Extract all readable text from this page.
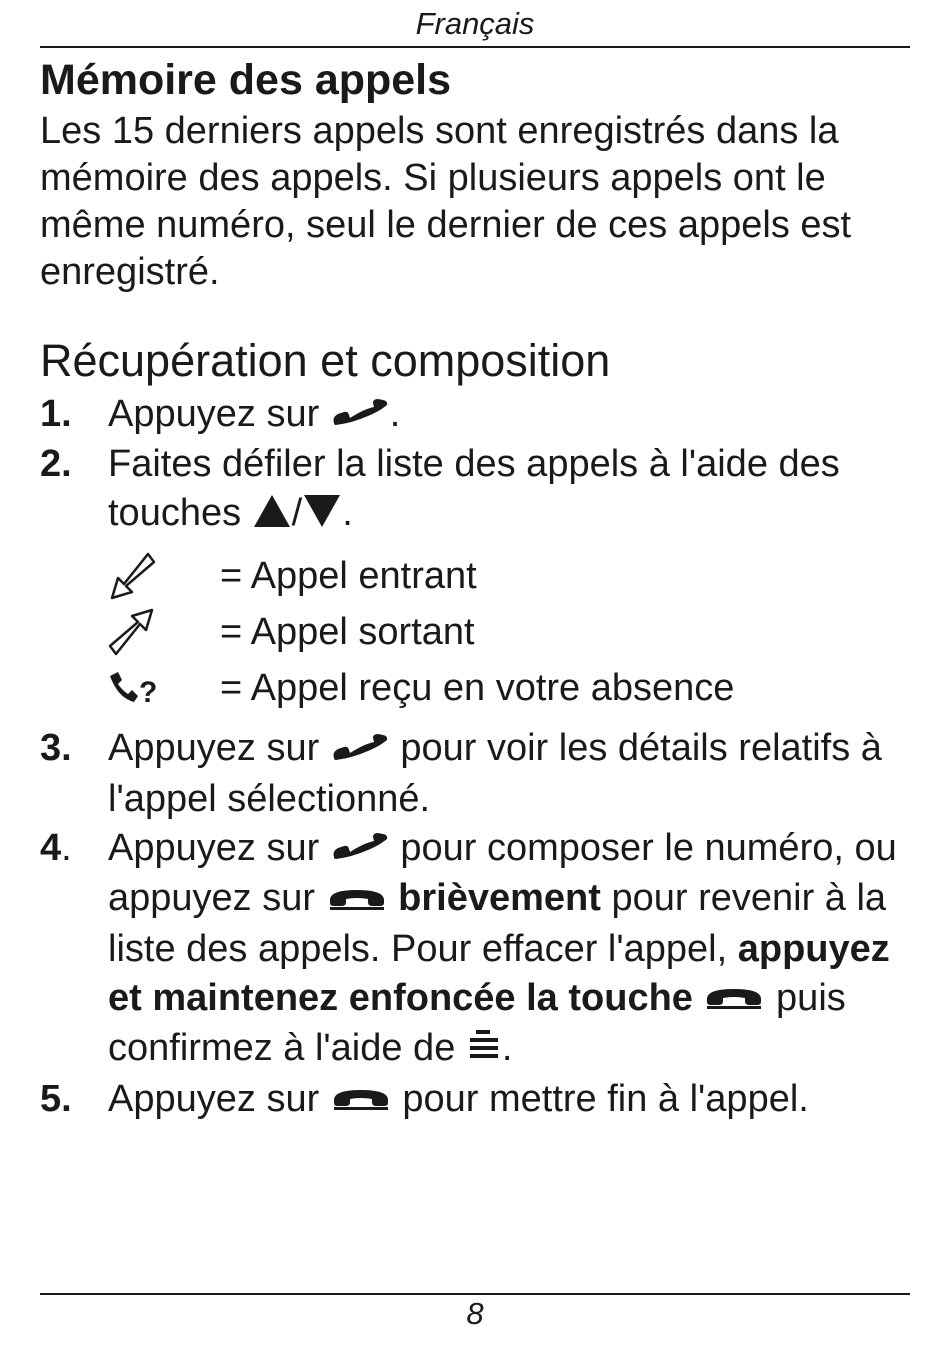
Français
Mémoire des appels

Les 15 derniers appels sont enregistrés dans la mémoire des appels. Si plusieurs appels ont le même numéro, seul le dernier de ces appels est enregistré.

Récupération et composition
1. Appuyez sur .
2. Faites défiler la liste des appels à l'aide des
touches / .
= Appel entrant
= Appel sortant
? = Appel reçu en votre absence
3. Appuyez sur pour voir les détails relatifs à l'appel sélectionné.
4. Appuyez sur pour composer le numéro, ou appuyez sur brièvement pour revenir à la liste des appels. Pour effacer l'appel, appuyez et maintenez enfoncée la touche puis confirmez à l'aide de .
5. Appuyez sur pour mettre fin à l'appel.
8
